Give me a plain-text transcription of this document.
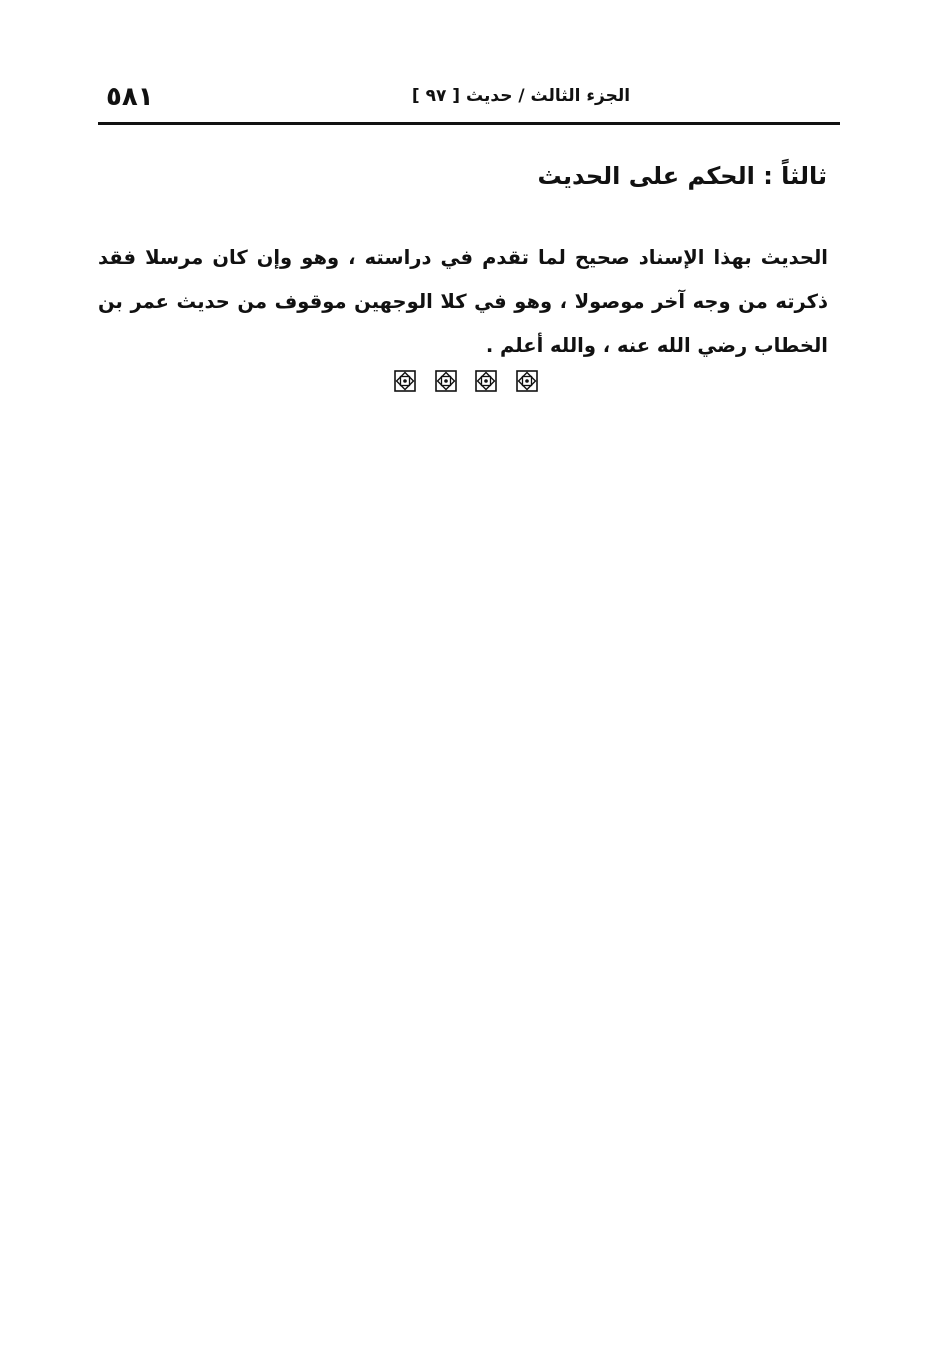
٥٨١	الجزء الثالث / حديث [ ٩٧ ]
ثالثاً : الحكم على الحديث

الحديث بهذا الإسناد صحيح لما تقدم في دراسته ، وهو وإن كان مرسلا فقد ذكرته من وجه آخر موصولا ، وهو في كلا الوجهين موقوف من حديث عمر بن الخطاب رضي الله عنه ، والله أعلم .
